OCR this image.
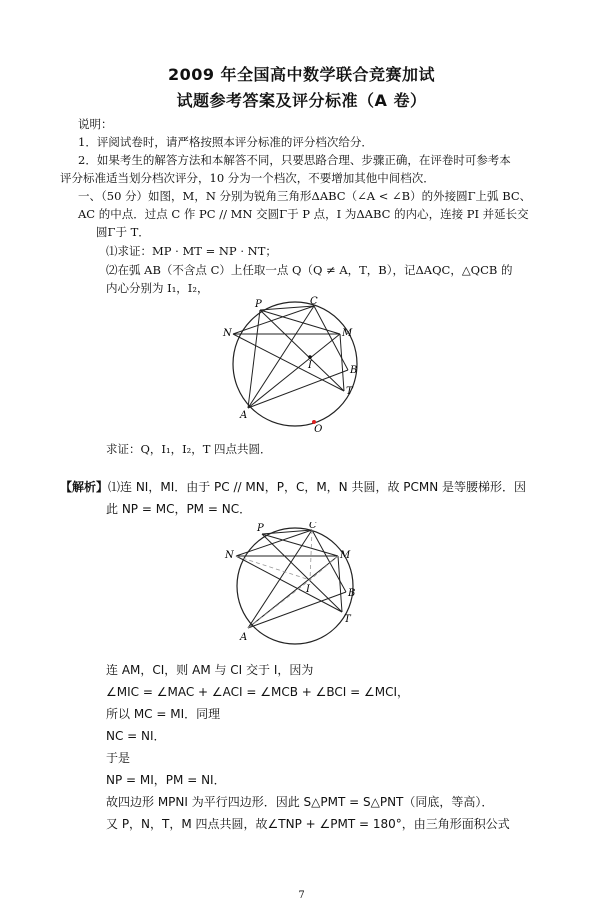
2009 年全国高中数学联合竞赛加试
试题参考答案及评分标准（A 卷）
说明：
1．评阅试卷时，请严格按照本评分标准的评分档次给分．
2．如果考生的解答方法和本解答不同，只要思路合理、步骤正确，在评卷时可参考本
评分标准适当划分档次评分，10 分为一个档次，不要增加其他中间档次．
一、（50 分）如图，M，N 分别为锐角三角形ΔABC（∠A < ∠B）的外接圆Γ上弧 BC、
AC 的中点．过点 C 作 PC // MN 交圆Γ于 P 点，I 为ΔABC 的内心，连接 PI 并延长交
圆Γ于 T．
⑴求证：MP · MT = NP · NT；
⑵在弧 AB（不含点 C）上任取一点 Q（Q ≠ A，T，B），记ΔAQC，△QCB 的
内心分别为 I₁，I₂，
P	C
N	M
I	B
T
A
Q
求证：Q，I₁，I₂，T 四点共圆．
【解析】⑴连 NI，MI．由于 PC // MN，P，C，M，N 共圆，故 PCMN 是等腰梯形．因
此 NP = MC，PM = NC．
P	C
N	M
I	B
T
A
连 AM，CI，则 AM 与 CI 交于 I，因为
∠MIC = ∠MAC + ∠ACI = ∠MCB + ∠BCI = ∠MCI，
所以 MC = MI．同理
NC = NI．
于是
NP = MI，PM = NI．
故四边形 MPNI 为平行四边形．因此 S△PMT = S△PNT（同底，等高）．
又 P，N，T，M 四点共圆，故∠TNP + ∠PMT = 180°，由三角形面积公式
7
